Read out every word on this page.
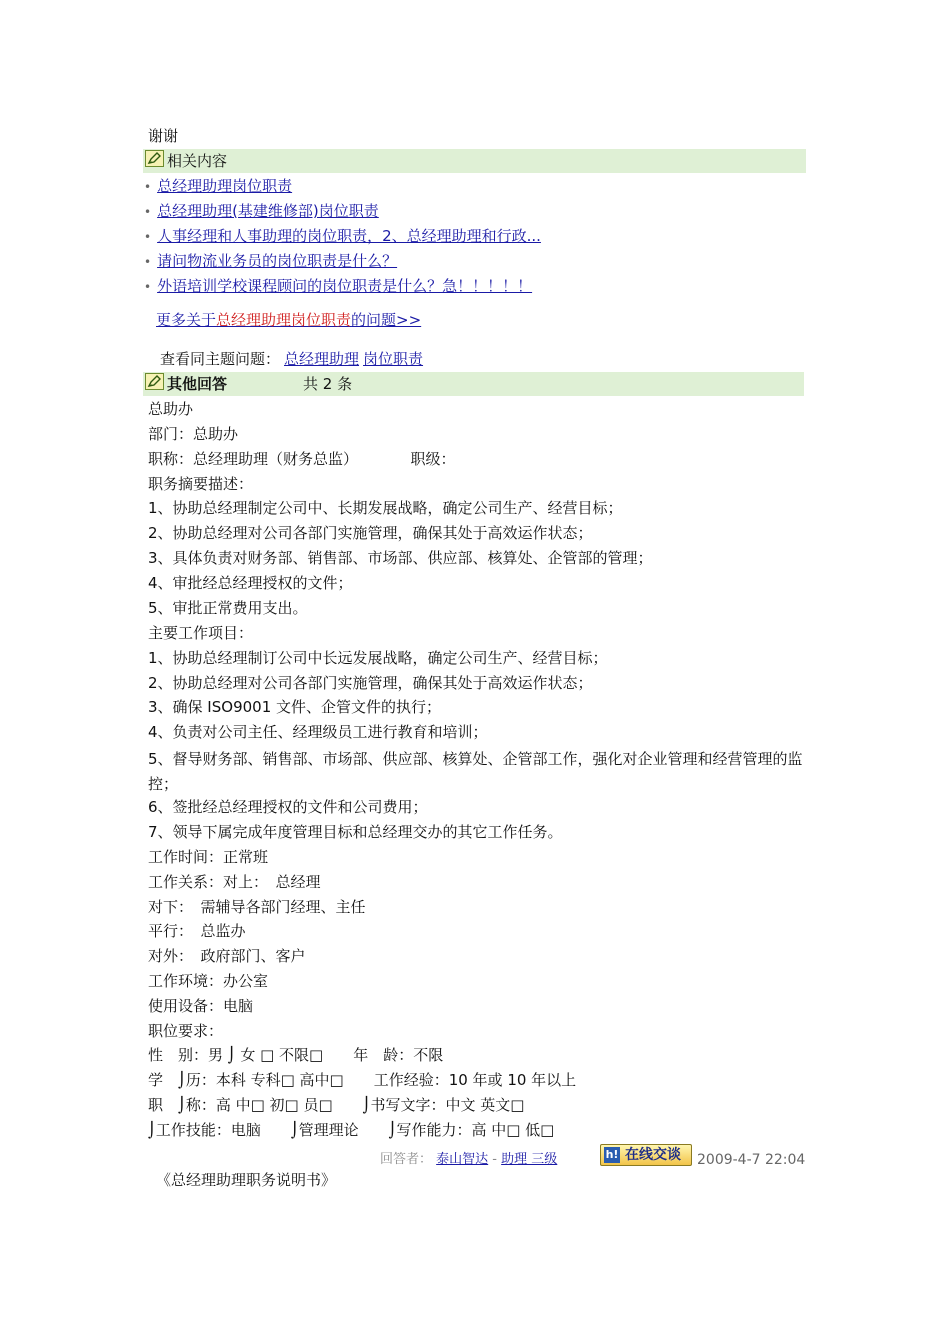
谢谢
相关内容
• 总经理助理岗位职责
• 总经理助理(基建维修部)岗位职责
• 人事经理和人事助理的岗位职责，2、总经理助理和行政...
• 请问物流业务员的岗位职责是什么？
• 外语培训学校课程顾问的岗位职责是什么？急！！！！！
更多关于总经理助理岗位职责的问题>>
查看同主题问题： 总经理助理 岗位职责
其他回答	共 2 条
总助办
部门：总助办
职称：总经理助理（财务总监）　　　　职级：
职务摘要描述：
1、协助总经理制定公司中、长期发展战略，确定公司生产、经营目标；
2、协助总经理对公司各部门实施管理，确保其处于高效运作状态；
3、具体负责对财务部、销售部、市场部、供应部、核算处、企管部的管理；
4、审批经总经理授权的文件；
5、审批正常费用支出。
主要工作项目：
1、协助总经理制订公司中长远发展战略，确定公司生产、经营目标；
2、协助总经理对公司各部门实施管理，确保其处于高效运作状态；
3、确保 ISO9001 文件、企管文件的执行；
4、负责对公司主任、经理级员工进行教育和培训；
5、督导财务部、销售部、市场部、供应部、核算处、企管部工作，强化对企业管理和经营管理的监控；
6、签批经总经理授权的文件和公司费用；
7、领导下属完成年度管理目标和总经理交办的其它工作任务。
工作时间：正常班
工作关系：对上：　总经理
对下：　需辅导各部门经理、主任
平行：　总监办
对外：　政府部门、客户
工作环境：办公室
使用设备：电脑
职位要求：
性　别：男 ⌡ 女 □ 不限□　　年　龄：不限
学　⌡历：本科 专科□ 高中□　　工作经验：10 年或 10 年以上
职　⌡称：高 中□ 初□ 员□　　⌡书写文字：中文 英文□
⌡工作技能：电脑　　⌡管理理论　　⌡写作能力：高 中□ 低□
回答者： 泰山智达 - 助理 三级	h! 在线交谈 2009-4-7 22:04
《总经理助理职务说明书》
